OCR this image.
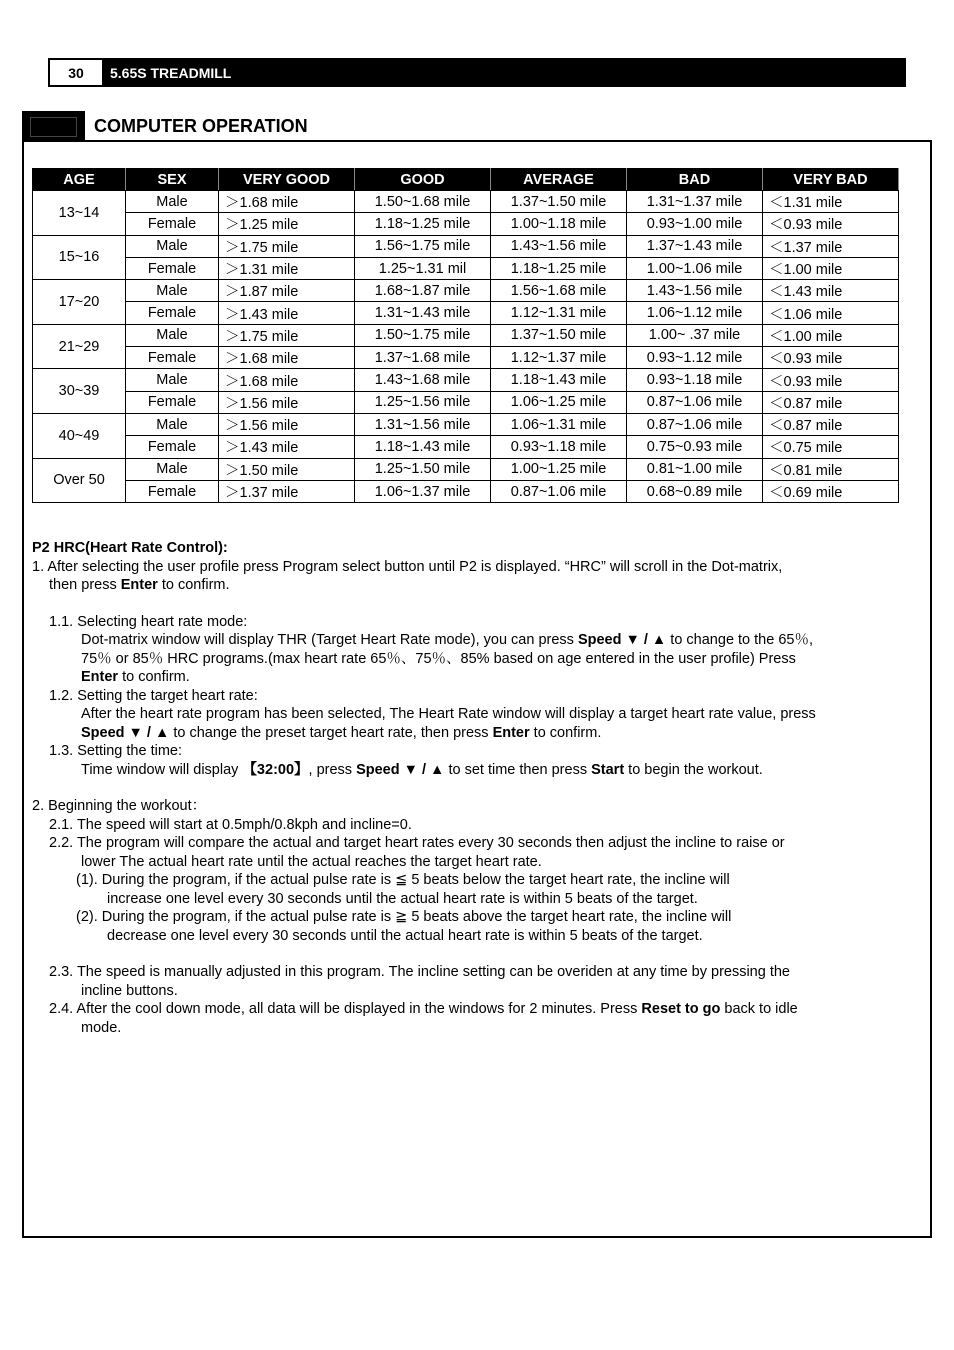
30	5.65S TREADMILL
COMPUTER OPERATION
AGE	SEX	VERY GOOD	GOOD	AVERAGE	BAD	VERY BAD
13~14	Male	＞1.68 mile	1.50~1.68 mile	1.37~1.50 mile	1.31~1.37 mile	＜1.31 mile
	Female	＞1.25 mile	1.18~1.25 mile	1.00~1.18 mile	0.93~1.00 mile	＜0.93 mile
15~16	Male	＞1.75 mile	1.56~1.75 mile	1.43~1.56 mile	1.37~1.43 mile	＜1.37 mile
	Female	＞1.31 mile	1.25~1.31 mil	1.18~1.25 mile	1.00~1.06 mile	＜1.00 mile
17~20	Male	＞1.87 mile	1.68~1.87 mile	1.56~1.68 mile	1.43~1.56 mile	＜1.43 mile
	Female	＞1.43 mile	1.31~1.43 mile	1.12~1.31 mile	1.06~1.12 mile	＜1.06 mile
21~29	Male	＞1.75 mile	1.50~1.75 mile	1.37~1.50 mile	1.00~ .37 mile	＜1.00 mile
	Female	＞1.68 mile	1.37~1.68 mile	1.12~1.37 mile	0.93~1.12 mile	＜0.93 mile
30~39	Male	＞1.68 mile	1.43~1.68 mile	1.18~1.43 mile	0.93~1.18 mile	＜0.93 mile
	Female	＞1.56 mile	1.25~1.56 mile	1.06~1.25 mile	0.87~1.06 mile	＜0.87 mile
40~49	Male	＞1.56 mile	1.31~1.56 mile	1.06~1.31 mile	0.87~1.06 mile	＜0.87 mile
	Female	＞1.43 mile	1.18~1.43 mile	0.93~1.18 mile	0.75~0.93 mile	＜0.75 mile
Over 50	Male	＞1.50 mile	1.25~1.50 mile	1.00~1.25 mile	0.81~1.00 mile	＜0.81 mile
	Female	＞1.37 mile	1.06~1.37 mile	0.87~1.06 mile	0.68~0.89 mile	＜0.69 mile

P2 HRC(Heart Rate Control):

1. After selecting the user profile press Program select button until P2 is displayed. “HRC” will scroll in the Dot-matrix,

then press Enter to confirm.

1.1. Selecting heart rate mode:

Dot-matrix window will display THR (Target Heart Rate mode), you can press Speed ▼ / ▲ to change to the 65％,

75％ or 85％ HRC programs.(max heart rate 65％、75％、85% based on age entered in the user profile) Press

Enter to confirm.

1.2. Setting the target heart rate:

After the heart rate program has been selected, The Heart Rate window will display a target heart rate value, press

Speed ▼ / ▲ to change the preset target heart rate, then press Enter to confirm.

1.3. Setting the time:

Time window will display 【32:00】, press Speed ▼ / ▲ to set time then press Start to begin the workout.

2. Beginning the workout：

2.1. The speed will start at 0.5mph/0.8kph and incline=0.

2.2. The program will compare the actual and target heart rates every 30 seconds then adjust the incline to raise or

lower The actual heart rate until the actual reaches the target heart rate.

(1). During the program, if the actual pulse rate is ≦ 5 beats below the target heart rate, the incline will

increase one level every 30 seconds until the actual heart rate is within 5 beats of the target.

(2). During the program, if the actual pulse rate is ≧ 5 beats above the target heart rate, the incline will

decrease one level every 30 seconds until the actual heart rate is within 5 beats of the target.

2.3. The speed is manually adjusted in this program. The incline setting can be overiden at any time by pressing the

incline buttons.

2.4. After the cool down mode, all data will be displayed in the windows for 2 minutes. Press Reset to go back to idle

mode.
